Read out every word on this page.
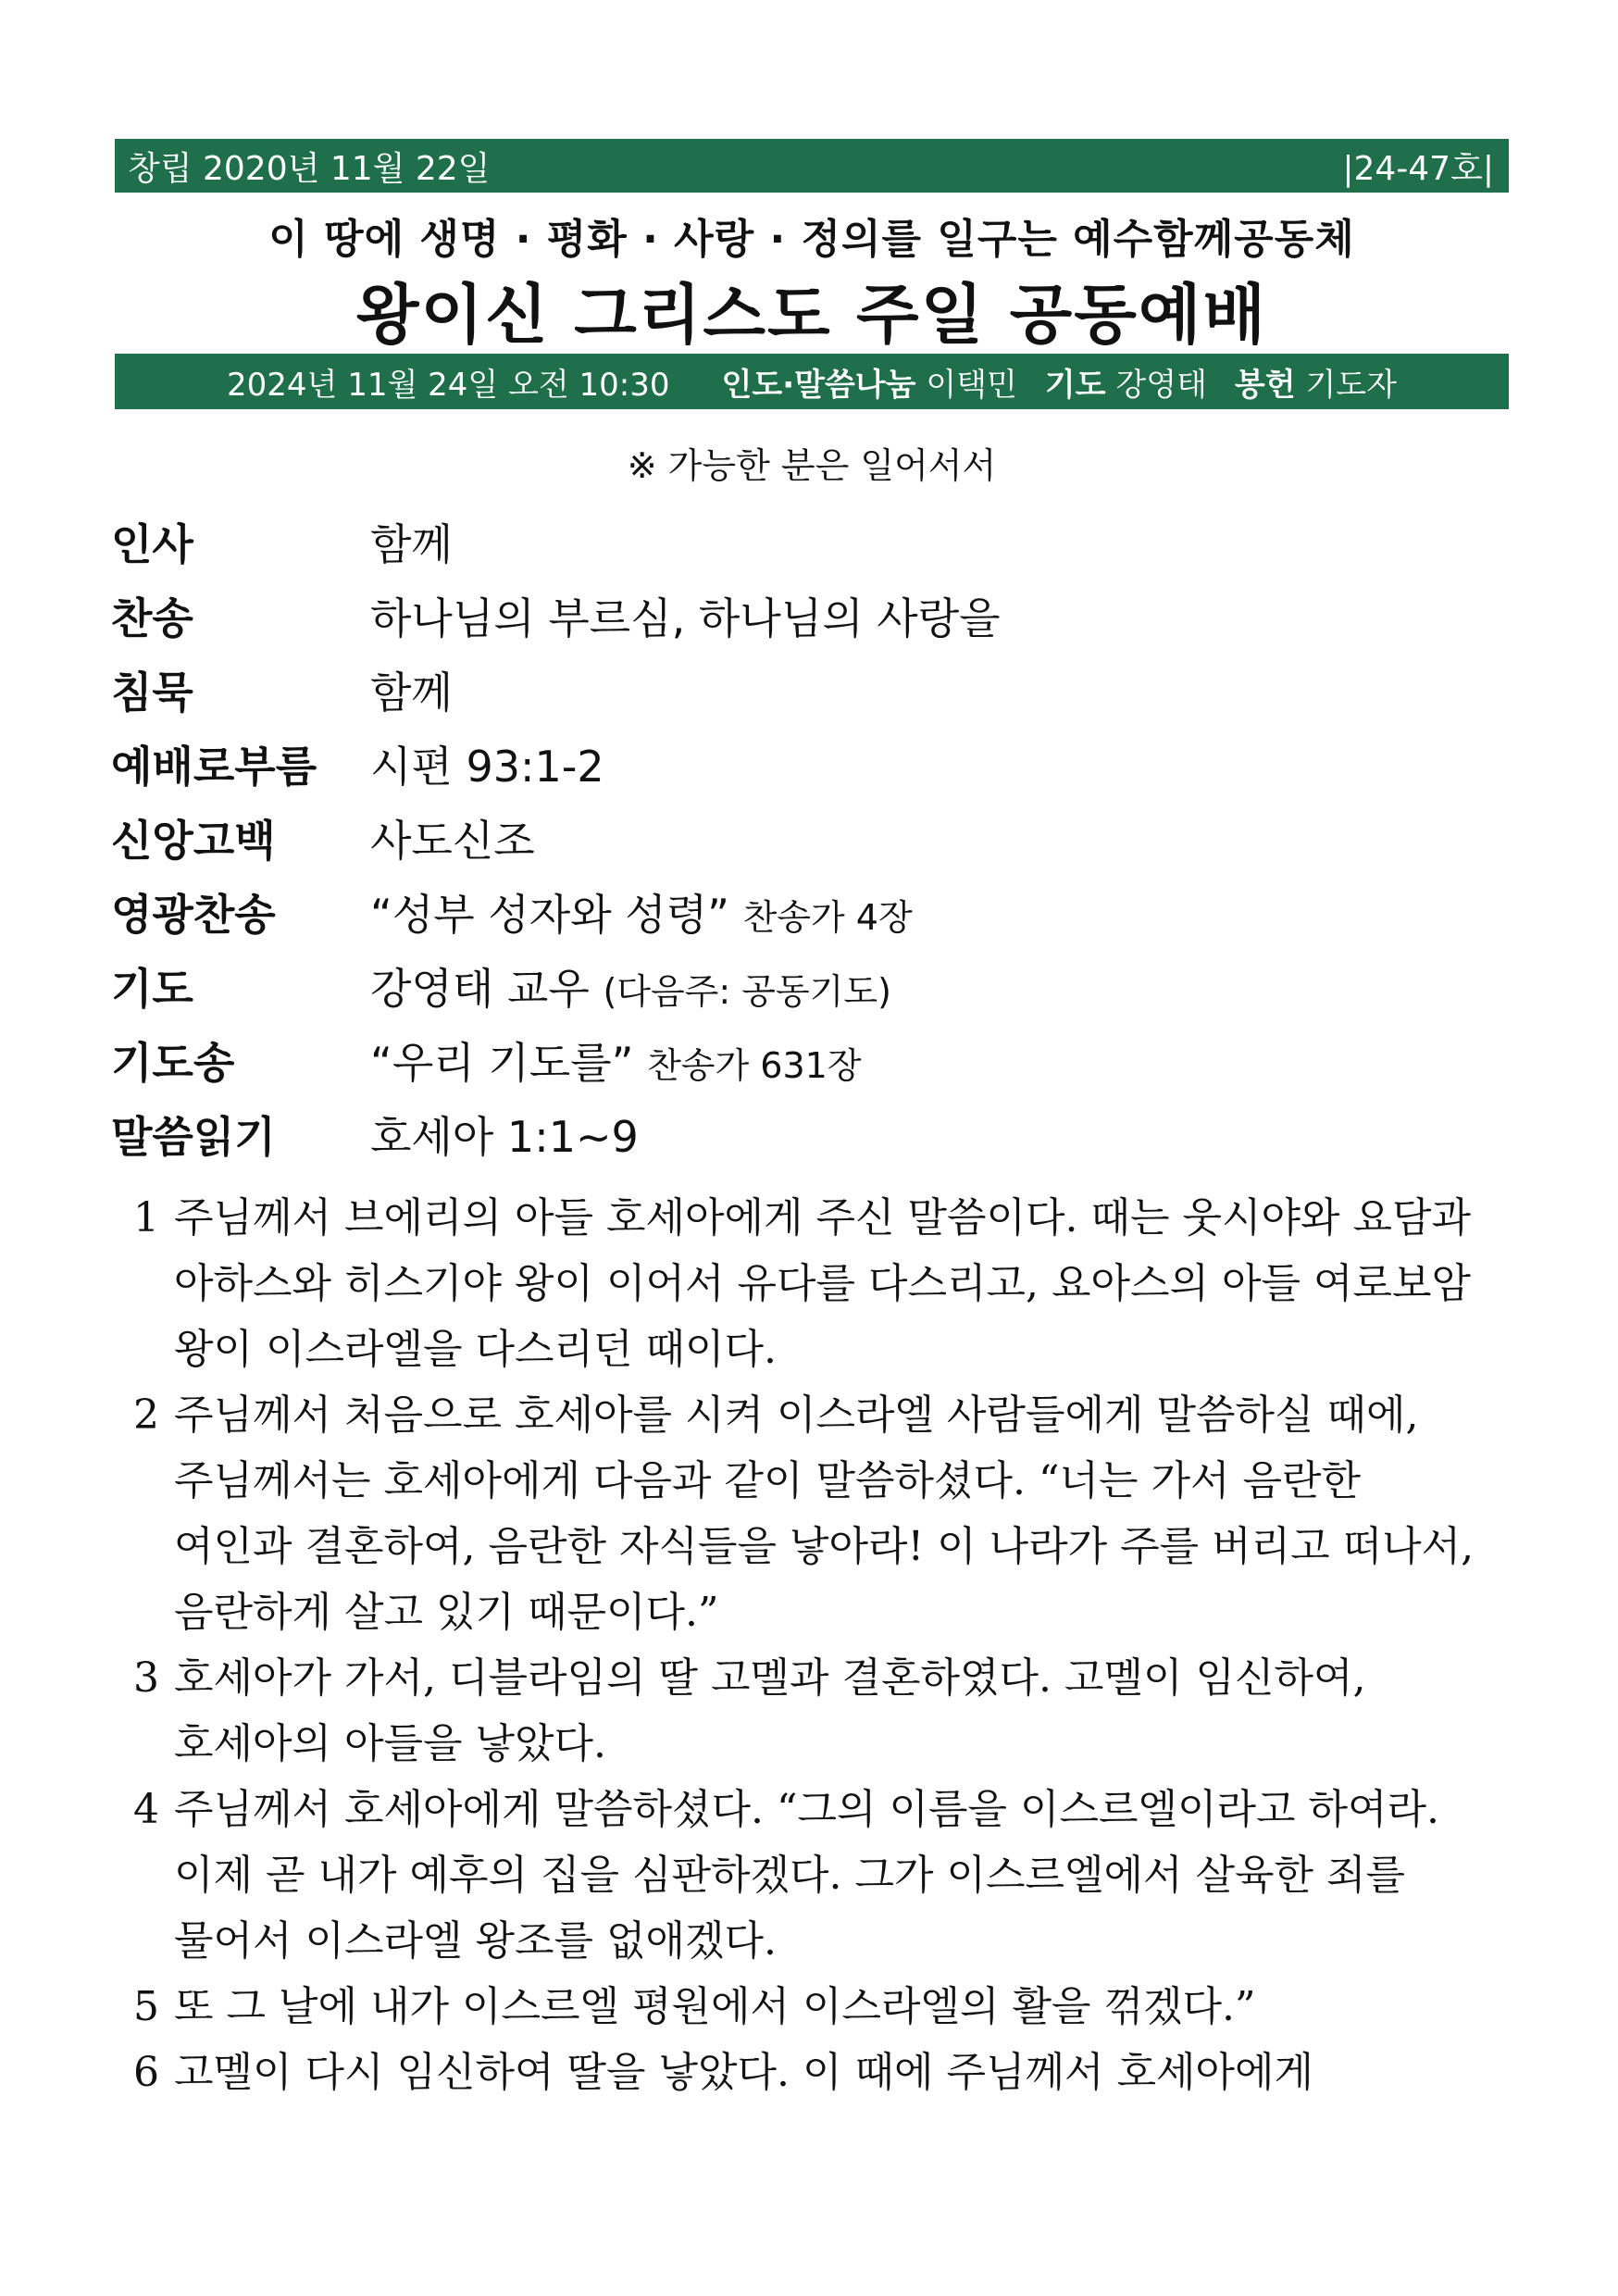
창립 2020년 11월 22일	|24-47호|
이 땅에 생명 · 평화 · 사랑 · 정의를 일구는 예수함께공동체
왕이신 그리스도 주일 공동예배
2024년 11월 24일 오전 10:30 인도·말씀나눔
이택민 기도
강영태 봉헌
기도자
※ 가능한 분은 일어서서
인사	함께
찬송	하나님의 부르심, 하나님의 사랑을
침묵	함께
예배로부름	시편 93:1-2
신앙고백	사도신조
영광찬송	“성부 성자와 성령” 찬송가 4장
기도	강영태 교우 (다음주: 공동기도)
기도송	“우리 기도를” 찬송가 631장
말씀읽기	호세아 1:1~9
1 주님께서 브에리의 아들 호세아에게 주신 말씀이다. 때는 웃시야와 요담과
아하스와 히스기야 왕이 이어서 유다를 다스리고, 요아스의 아들 여로보암
왕이 이스라엘을 다스리던 때이다.
2 주님께서 처음으로 호세아를 시켜 이스라엘 사람들에게 말씀하실 때에,
주님께서는 호세아에게 다음과 같이 말씀하셨다. “너는 가서 음란한
여인과 결혼하여, 음란한 자식들을 낳아라! 이 나라가 주를 버리고 떠나서,
음란하게 살고 있기 때문이다.”
3 호세아가 가서, 디블라임의 딸 고멜과 결혼하였다. 고멜이 임신하여,
호세아의 아들을 낳았다.
4 주님께서 호세아에게 말씀하셨다. “그의 이름을 이스르엘이라고 하여라.
이제 곧 내가 예후의 집을 심판하겠다. 그가 이스르엘에서 살육한 죄를
물어서 이스라엘 왕조를 없애겠다.
5 또 그 날에 내가 이스르엘 평원에서 이스라엘의 활을 꺾겠다.”
6 고멜이 다시 임신하여 딸을 낳았다. 이 때에 주님께서 호세아에게
